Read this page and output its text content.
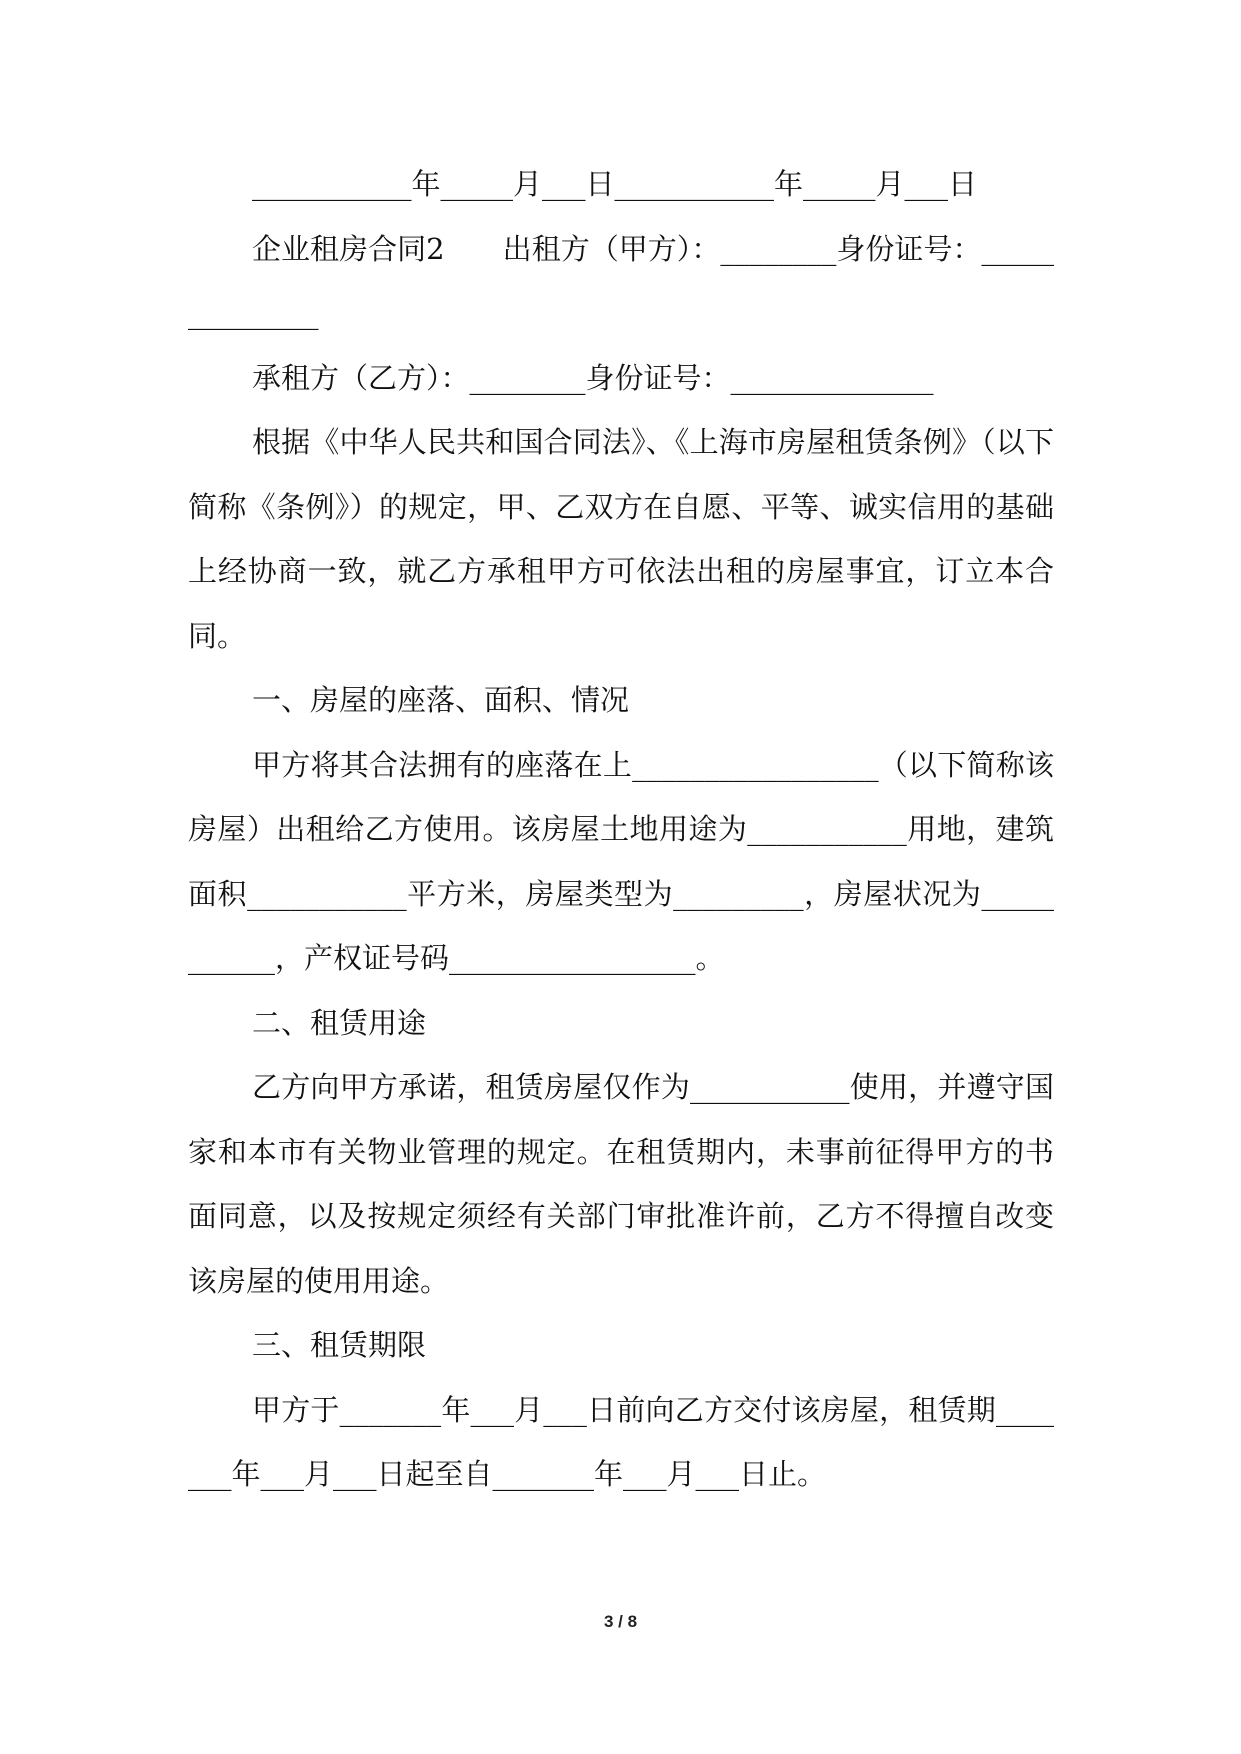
___________年_____月___日___________年_____月___日

企业租房合同2　　出租方（甲方）：________身份证号：______________

承租方（乙方）：________身份证号：______________

根据《中华人民共和国合同法》、《上海市房屋租赁条例》（以下简称《条例》）的规定，甲、乙双方在自愿、平等、诚实信用的基础上经协商一致，就乙方承租甲方可依法出租的房屋事宜，订立本合同。

一、房屋的座落、面积、情况

甲方将其合法拥有的座落在上_________________（以下简称该房屋）出租给乙方使用。该房屋土地用途为___________用地，建筑面积___________平方米，房屋类型为_________，房屋状况为___________，产权证号码_________________。

二、租赁用途

乙方向甲方承诺，租赁房屋仅作为___________使用，并遵守国家和本市有关物业管理的规定。在租赁期内，未事前征得甲方的书面同意，以及按规定须经有关部门审批准许前，乙方不得擅自改变该房屋的使用用途。

三、租赁期限

甲方于_______年___月___日前向乙方交付该房屋，租赁期_______年___月___日起至自_______年___月___日止。

3 / 8
